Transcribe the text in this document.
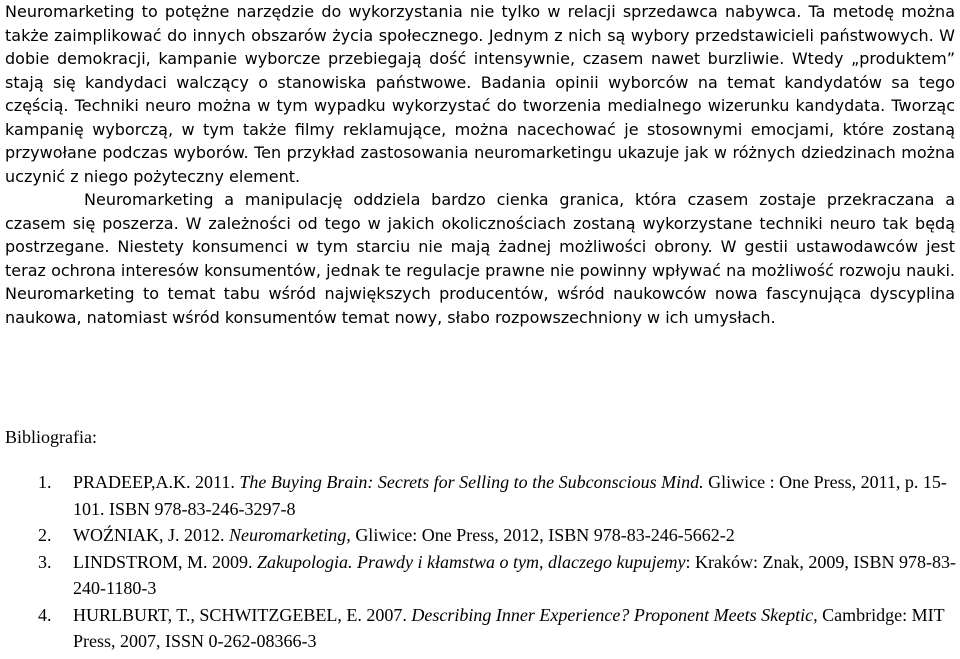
Neuromarketing to potężne narzędzie do wykorzystania nie tylko w relacji sprzedawca nabywca. Ta metodę można także zaimplikować do innych obszarów życia społecznego. Jednym z nich są wybory przedstawicieli państwowych. W dobie demokracji, kampanie wyborcze przebiegają dość intensywnie, czasem nawet burzliwie. Wtedy „produktem” stają się kandydaci walczący o stanowiska państwowe. Badania opinii wyborców na temat kandydatów sa tego częścią. Techniki neuro można w tym wypadku wykorzystać do tworzenia medialnego wizerunku kandydata. Tworząc kampanię wyborczą, w tym także filmy reklamujące, można nacechować je stosownymi emocjami, które zostaną przywołane podczas wyborów. Ten przykład zastosowania neuromarketingu ukazuje jak w różnych dziedzinach można uczynić z niego pożyteczny element.

Neuromarketing a manipulację oddziela bardzo cienka granica, która czasem zostaje przekraczana a czasem się poszerza. W zależności od tego w jakich okolicznościach zostaną wykorzystane techniki neuro tak będą postrzegane. Niestety konsumenci w tym starciu nie mają żadnej możliwości obrony. W gestii ustawodawców jest teraz ochrona interesów konsumentów, jednak te regulacje prawne nie powinny wpływać na możliwość rozwoju nauki. Neuromarketing to temat tabu wśród największych producentów, wśród naukowców nowa fascynująca dyscyplina naukowa, natomiast wśród konsumentów temat nowy, słabo rozpowszechniony w ich umysłach.

Bibliografia:
1. PRADEEP,A.K. 2011. The Buying Brain: Secrets for Selling to the Subconscious Mind. Gliwice : One Press, 2011, p. 15-101. ISBN 978-83-246-3297-8
2. WOŹNIAK, J. 2012. Neuromarketing, Gliwice: One Press, 2012, ISBN 978-83-246-5662-2
3. LINDSTROM, M. 2009. Zakupologia. Prawdy i kłamstwa o tym, dlaczego kupujemy: Kraków: Znak, 2009, ISBN 978-83-240-1180-3
4. HURLBURT, T., SCHWITZGEBEL, E. 2007. Describing Inner Experience? Proponent Meets Skeptic, Cambridge: MIT Press, 2007, ISSN 0-262-08366-3
